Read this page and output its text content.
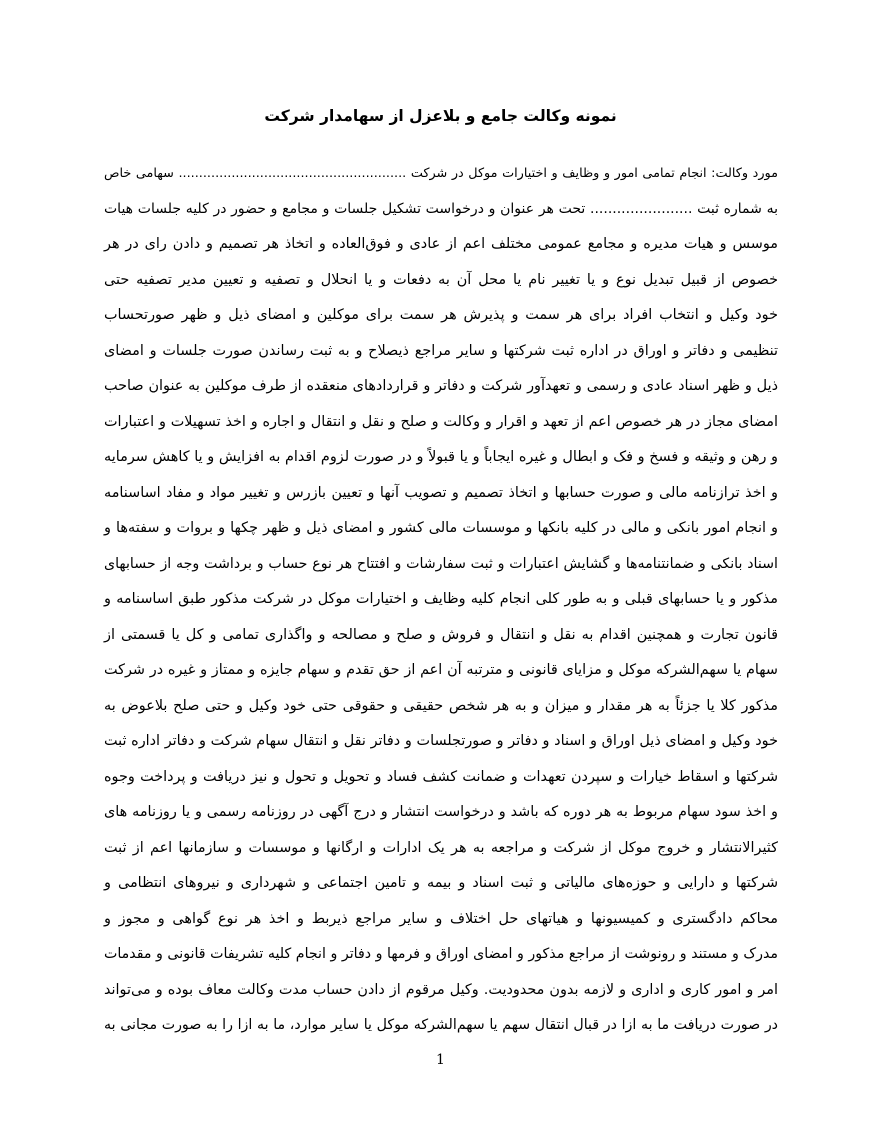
نمونه وکالت جامع و بلاعزل از سهامدار شرکت
مورد وکالت: انجام تمامی امور و وظایف و اختیارات موکل در شرکت ........................................................ سهامی خاص
به شماره ثبت ....................... تحت هر عنوان و درخواست تشکیل جلسات و مجامع و حضور در کلیه جلسات هیات
موسس و هیات مدیره و مجامع عمومی مختلف اعم از عادی و فوق‌العاده و اتخاذ هر تصمیم و دادن رای در هر
خصوص از قبیل تبدیل نوع و یا تغییر نام یا محل آن به دفعات و یا انحلال و تصفیه و تعیین مدیر تصفیه حتی
خود وکیل و انتخاب افراد برای هر سمت و پذیرش هر سمت برای موکلین و امضای ذیل و ظهر صورتحساب
تنظیمی و دفاتر و اوراق در اداره ثبت شرکتها و سایر مراجع ذیصلاح و به ثبت رساندن صورت جلسات و امضای
ذیل و ظهر اسناد عادی و رسمی و تعهدآور شرکت و دفاتر و قراردادهای منعقده از طرف موکلین به عنوان صاحب
امضای مجاز در هر خصوص اعم از تعهد و اقرار و وکالت و صلح و نقل و انتقال و اجاره و اخذ تسهیلات و اعتبارات
و رهن و وثیقه و فسخ و فک و ابطال و غیره ایجاباً و یا قبولاً و در صورت لزوم اقدام به افزایش و یا کاهش سرمایه
و اخذ ترازنامه مالی و صورت حسابها و اتخاذ تصمیم و تصویب آنها و تعیین بازرس و تغییر مواد و مفاد اساسنامه
و انجام امور بانکی و مالی در کلیه بانکها و موسسات مالی کشور و امضای ذیل و ظهر چکها و بروات و سفته‌ها و
اسناد بانکی و ضمانتنامه‌ها و گشایش اعتبارات و ثبت سفارشات و افتتاح هر نوع حساب و برداشت وجه از حسابهای
مذکور و یا حسابهای قبلی و به طور کلی انجام کلیه وظایف و اختیارات موکل در شرکت مذکور طبق اساسنامه و
قانون تجارت و همچنین اقدام به نقل و انتقال و فروش و صلح و مصالحه و واگذاری تمامی و کل یا قسمتی از
سهام یا سهم‌الشرکه موکل و مزایای قانونی و مترتبه آن اعم از حق تقدم و سهام جایزه و ممتاز و غیره در شرکت
مذکور کلا یا جزئاً به هر مقدار و میزان و به هر شخص حقیقی و حقوقی حتی خود وکیل و حتی صلح بلاعوض به
خود وکیل و امضای ذیل اوراق و اسناد و دفاتر و صورتجلسات و دفاتر نقل و انتقال سهام شرکت و دفاتر اداره ثبت
شرکتها و اسقاط خیارات و سپردن تعهدات و ضمانت کشف فساد و تحویل و تحول و نیز دریافت و پرداخت وجوه
و اخذ سود سهام مربوط به هر دوره که باشد و درخواست انتشار و درج آگهی در روزنامه رسمی و یا روزنامه های
کثیرالانتشار و خروج موکل از شرکت و مراجعه به هر یک ادارات و ارگانها و موسسات و سازمانها اعم از ثبت
شرکتها و دارایی و حوزه‌های مالیاتی و ثبت اسناد و بیمه و تامین اجتماعی و شهرداری و نیروهای انتظامی و
محاکم دادگستری و کمیسیونها و هیاتهای حل اختلاف و سایر مراجع ذیربط و اخذ هر نوع گواهی و مجوز و
مدرک و مستند و رونوشت از مراجع مذکور و امضای اوراق و فرمها و دفاتر و انجام کلیه تشریفات قانونی و مقدمات
امر و امور کاری و اداری و لازمه بدون محدودیت. وکیل مرقوم از دادن حساب مدت وکالت معاف بوده و می‌تواند
در صورت دریافت ما به ازا در قبال انتقال سهم یا سهم‌الشرکه موکل یا سایر موارد، ما به ازا را به صورت مجانی به
1
